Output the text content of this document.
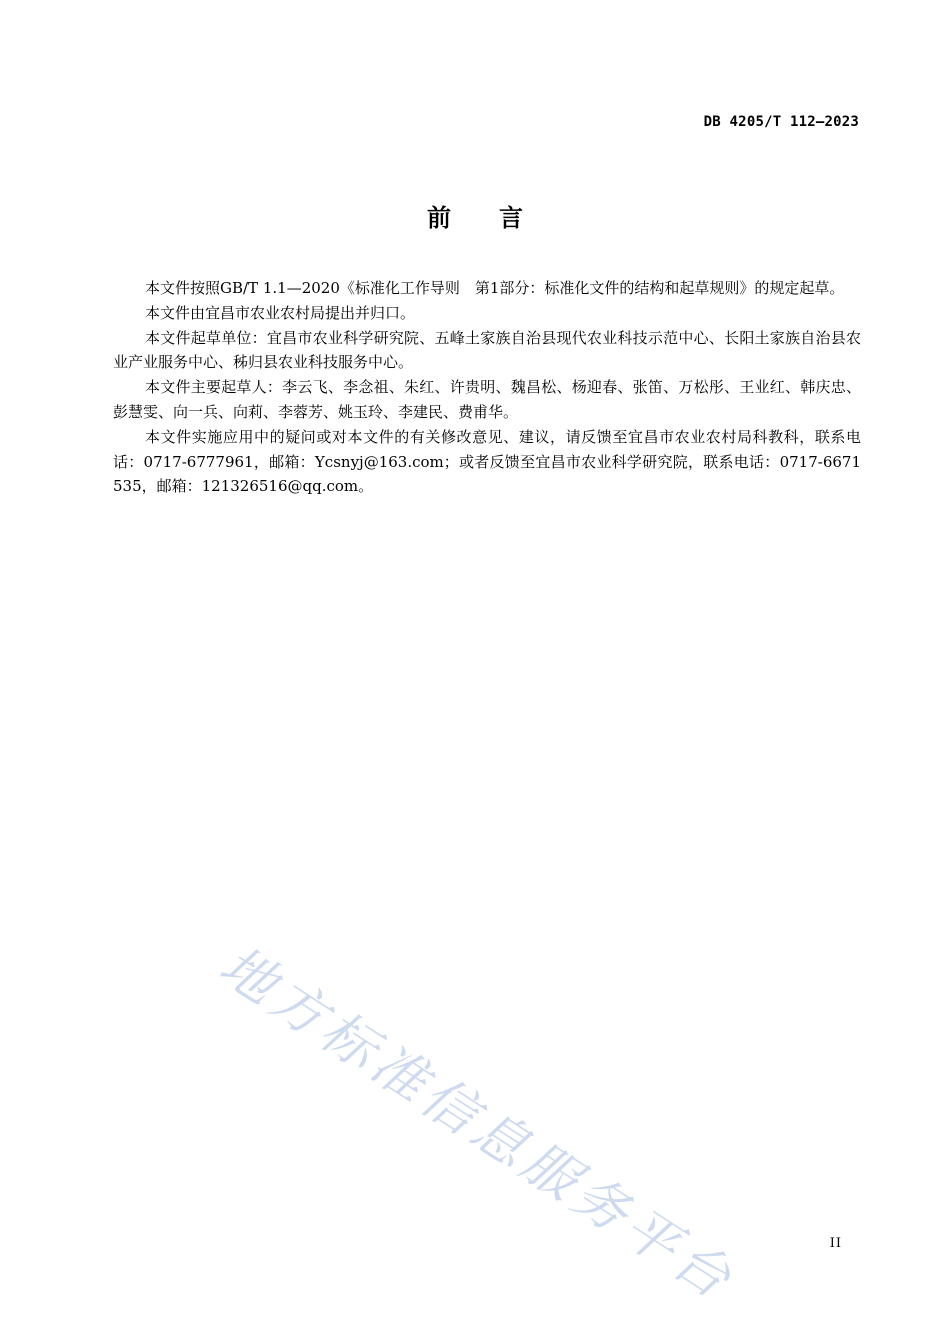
DB 4205/T 112—2023
前言

本文件按照GB/T 1.1—2020《标准化工作导则　第1部分：标准化文件的结构和起草规则》的规定起草。

本文件由宜昌市农业农村局提出并归口。

本文件起草单位：宜昌市农业科学研究院、五峰土家族自治县现代农业科技示范中心、长阳土家族自治县农业产业服务中心、秭归县农业科技服务中心。

本文件主要起草人：李云飞、李念祖、朱红、许贵明、魏昌松、杨迎春、张笛、万松彤、王业红、韩庆忠、彭慧雯、向一兵、向莉、李蓉芳、姚玉玲、李建民、费甫华。

本文件实施应用中的疑问或对本文件的有关修改意见、建议，请反馈至宜昌市农业农村局科教科，联系电话：0717-6777961，邮箱：Ycsnyj@163.com；或者反馈至宜昌市农业科学研究院，联系电话：0717-6671535，邮箱：121326516@qq.com。

地方标准信息服务平台	II
